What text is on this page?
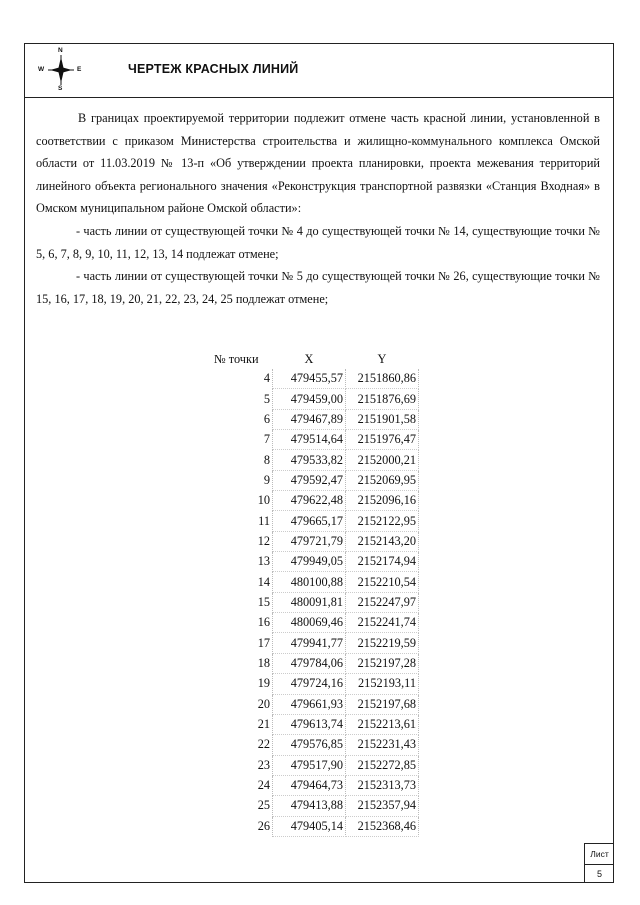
N
S
W	E	ЧЕРТЕЖ КРАСНЫХ ЛИНИЙ

В границах проектируемой территории подлежит отмене часть красной линии, установленной в соответствии с приказом Министерства строительства и жилищно-коммунального комплекса Омской области от 11.03.2019 № 13-п «Об утверждении проекта планировки, проекта межевания территорий линейного объекта регионального значения «Реконструкция транспортной развязки «Станция Входная» в Омском муниципальном районе Омской области»:

- часть линии от существующей точки № 4 до существующей точки № 14, существующие точки № 5, 6, 7, 8, 9, 10, 11, 12, 13, 14 подлежат отмене;

- часть линии от существующей точки № 5 до существующей точки № 26, существующие точки № 15, 16, 17, 18, 19, 20, 21, 22, 23, 24, 25 подлежат отмене;

№ точки	X	Y
4	479455,57	2151860,86
5	479459,00	2151876,69
6	479467,89	2151901,58
7	479514,64	2151976,47
8	479533,82	2152000,21
9	479592,47	2152069,95
10	479622,48	2152096,16
11	479665,17	2152122,95
12	479721,79	2152143,20
13	479949,05	2152174,94
14	480100,88	2152210,54
15	480091,81	2152247,97
16	480069,46	2152241,74
17	479941,77	2152219,59
18	479784,06	2152197,28
19	479724,16	2152193,11
20	479661,93	2152197,68
21	479613,74	2152213,61
22	479576,85	2152231,43
23	479517,90	2152272,85
24	479464,73	2152313,73
25	479413,88	2152357,94
26	479405,14	2152368,46
Лист
5
